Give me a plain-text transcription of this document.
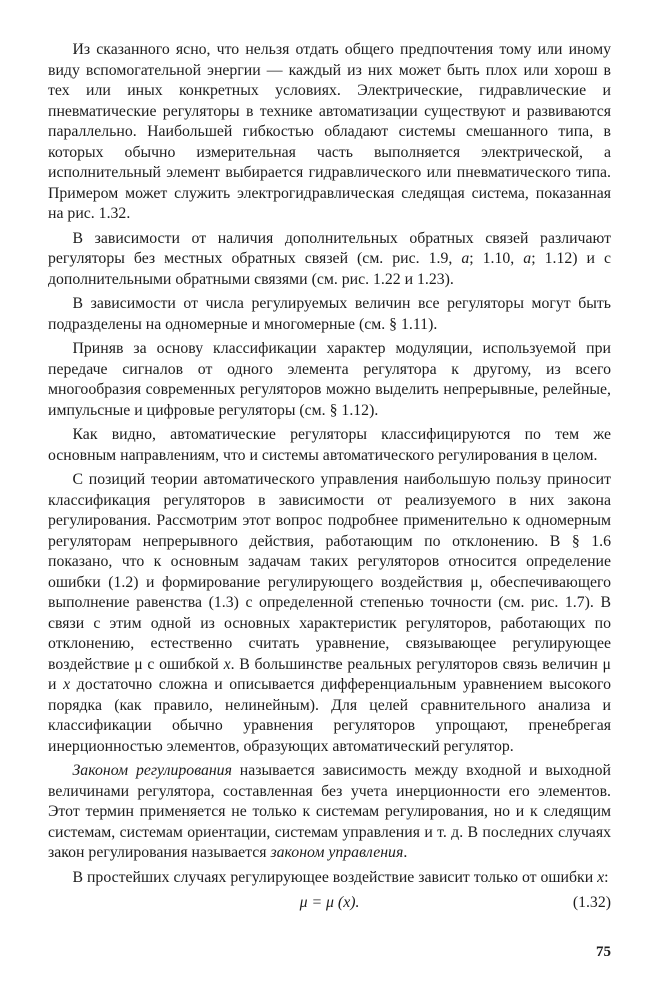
Из сказанного ясно, что нельзя отдать общего предпочтения тому или иному виду вспомогательной энергии — каждый из них может быть плох или хорош в тех или иных конкретных условиях. Электрические, гидравлические и пневматические регуляторы в технике автоматизации существуют и развиваются параллельно. Наибольшей гибкостью обладают системы смешанного типа, в которых обычно измерительная часть выполняется электрической, а исполнительный элемент выбирается гидравлического или пневматического типа. Примером может служить электрогидравлическая следящая система, показанная на рис. 1.32.

В зависимости от наличия дополнительных обратных связей различают регуляторы без местных обратных связей (см. рис. 1.9, а; 1.10, а; 1.12) и с дополнительными обратными связями (см. рис. 1.22 и 1.23).

В зависимости от числа регулируемых величин все регуляторы могут быть подразделены на одномерные и многомерные (см. § 1.11).

Приняв за основу классификации характер модуляции, используемой при передаче сигналов от одного элемента регулятора к другому, из всего многообразия современных регуляторов можно выделить непрерывные, релейные, импульсные и цифровые регуляторы (см. § 1.12).

Как видно, автоматические регуляторы классифицируются по тем же основным направлениям, что и системы автоматического регулирования в целом.

С позиций теории автоматического управления наибольшую пользу приносит классификация регуляторов в зависимости от реализуемого в них закона регулирования. Рассмотрим этот вопрос подробнее применительно к одномерным регуляторам непрерывного действия, работающим по отклонению. В § 1.6 показано, что к основным задачам таких регуляторов относится определение ошибки (1.2) и формирование регулирующего воздействия μ, обеспечивающего выполнение равенства (1.3) с определенной степенью точности (см. рис. 1.7). В связи с этим одной из основных характеристик регуляторов, работающих по отклонению, естественно считать уравнение, связывающее регулирующее воздействие μ с ошибкой x. В большинстве реальных регуляторов связь величин μ и x достаточно сложна и описывается дифференциальным уравнением высокого порядка (как правило, нелинейным). Для целей сравнительного анализа и классификации обычно уравнения регуляторов упрощают, пренебрегая инерционностью элементов, образующих автоматический регулятор.

Законом регулирования называется зависимость между входной и выходной величинами регулятора, составленная без учета инерционности его элементов. Этот термин применяется не только к системам регулирования, но и к следящим системам, системам ориентации, системам управления и т. д. В последних случаях закон регулирования называется законом управления.

В простейших случаях регулирующее воздействие зависит только от ошибки x:

μ = μ (x).	(1.32)
75
